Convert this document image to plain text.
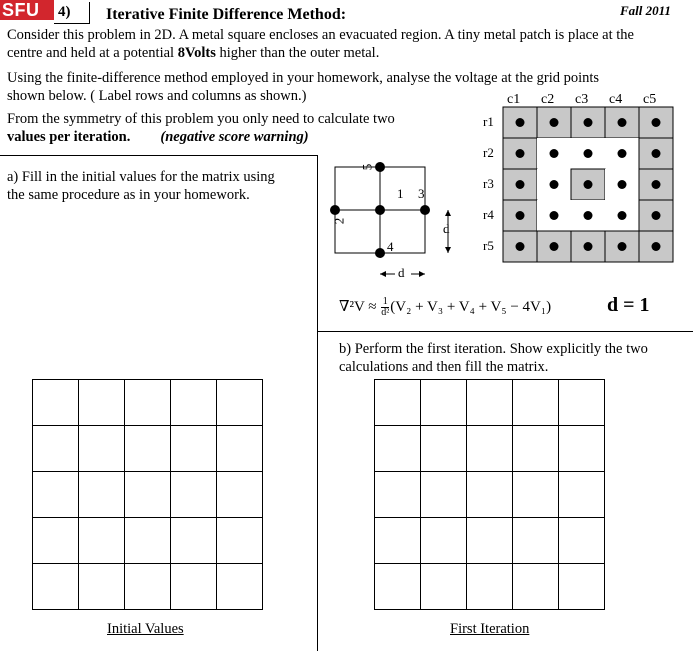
SFU	4)	Iterative Finite Difference Method:	Fall 2011
Consider this problem in 2D. A metal square encloses an evacuated region. A tiny metal patch is place at the
centre and held at a potential 8Volts higher than the outer metal.
Using the finite-difference method employed in your homework, analyse the voltage at the grid points
shown below. ( Label rows and columns as shown.)
From the symmetry of this problem you only need to calculate two
values per iteration. (negative score warning)
5
1 3
2
4
d
d
$\nabla^2V \approx \frac{1}{\text{d²}} (V_2 + V_3 + V_4 + V_5 - 4V_1)$	d = 1
a) Fill in the initial values for the matrix using
the same procedure as in your homework.
b) Perform the first iteration. Show explicitly the two
calculations and then fill the matrix.

Initial Values	First Iteration
c1 c2 c3 c4 c5
r1
r2
r3
r4
r5
